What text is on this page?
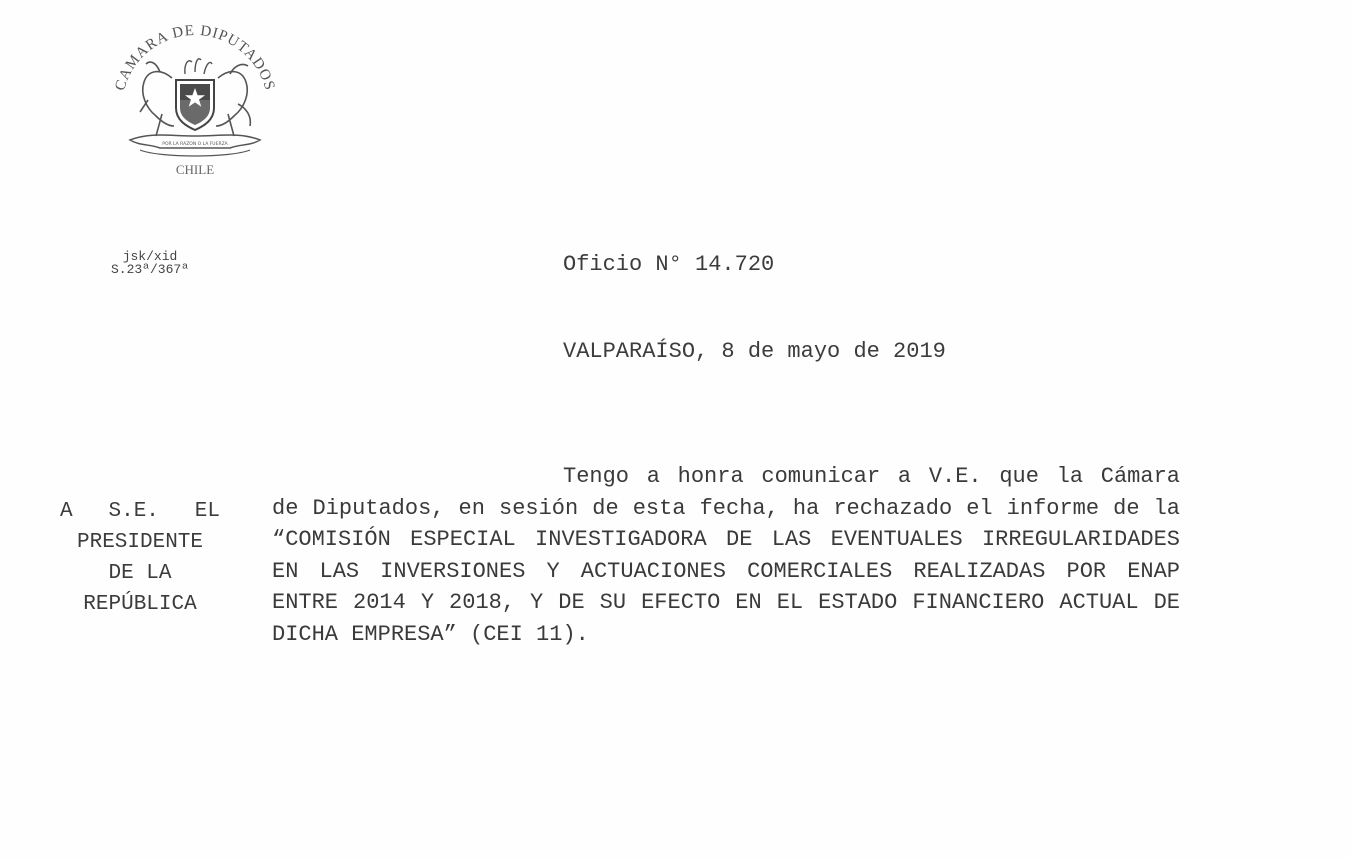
CAMARA DE DIPUTADOS
POR LA RAZON O LA FUERZA
CHILE
jsk/xid
S.23ª/367ª	Oficio N° 14.720
VALPARAÍSO, 8 de mayo de 2019
A S.E. EL
PRESIDENTE
DE LA
REPÚBLICA

Tengo a honra comunicar a V.E. que la Cámara de Diputados, en sesión de esta fecha, ha rechazado el informe de la “COMISIÓN ESPECIAL INVESTIGADORA DE LAS EVENTUALES IRREGULARIDADES EN LAS INVERSIONES Y ACTUACIONES COMERCIALES REALIZADAS POR ENAP ENTRE 2014 Y 2018, Y DE SU EFECTO EN EL ESTADO FINANCIERO ACTUAL DE DICHA EMPRESA” (CEI 11).
